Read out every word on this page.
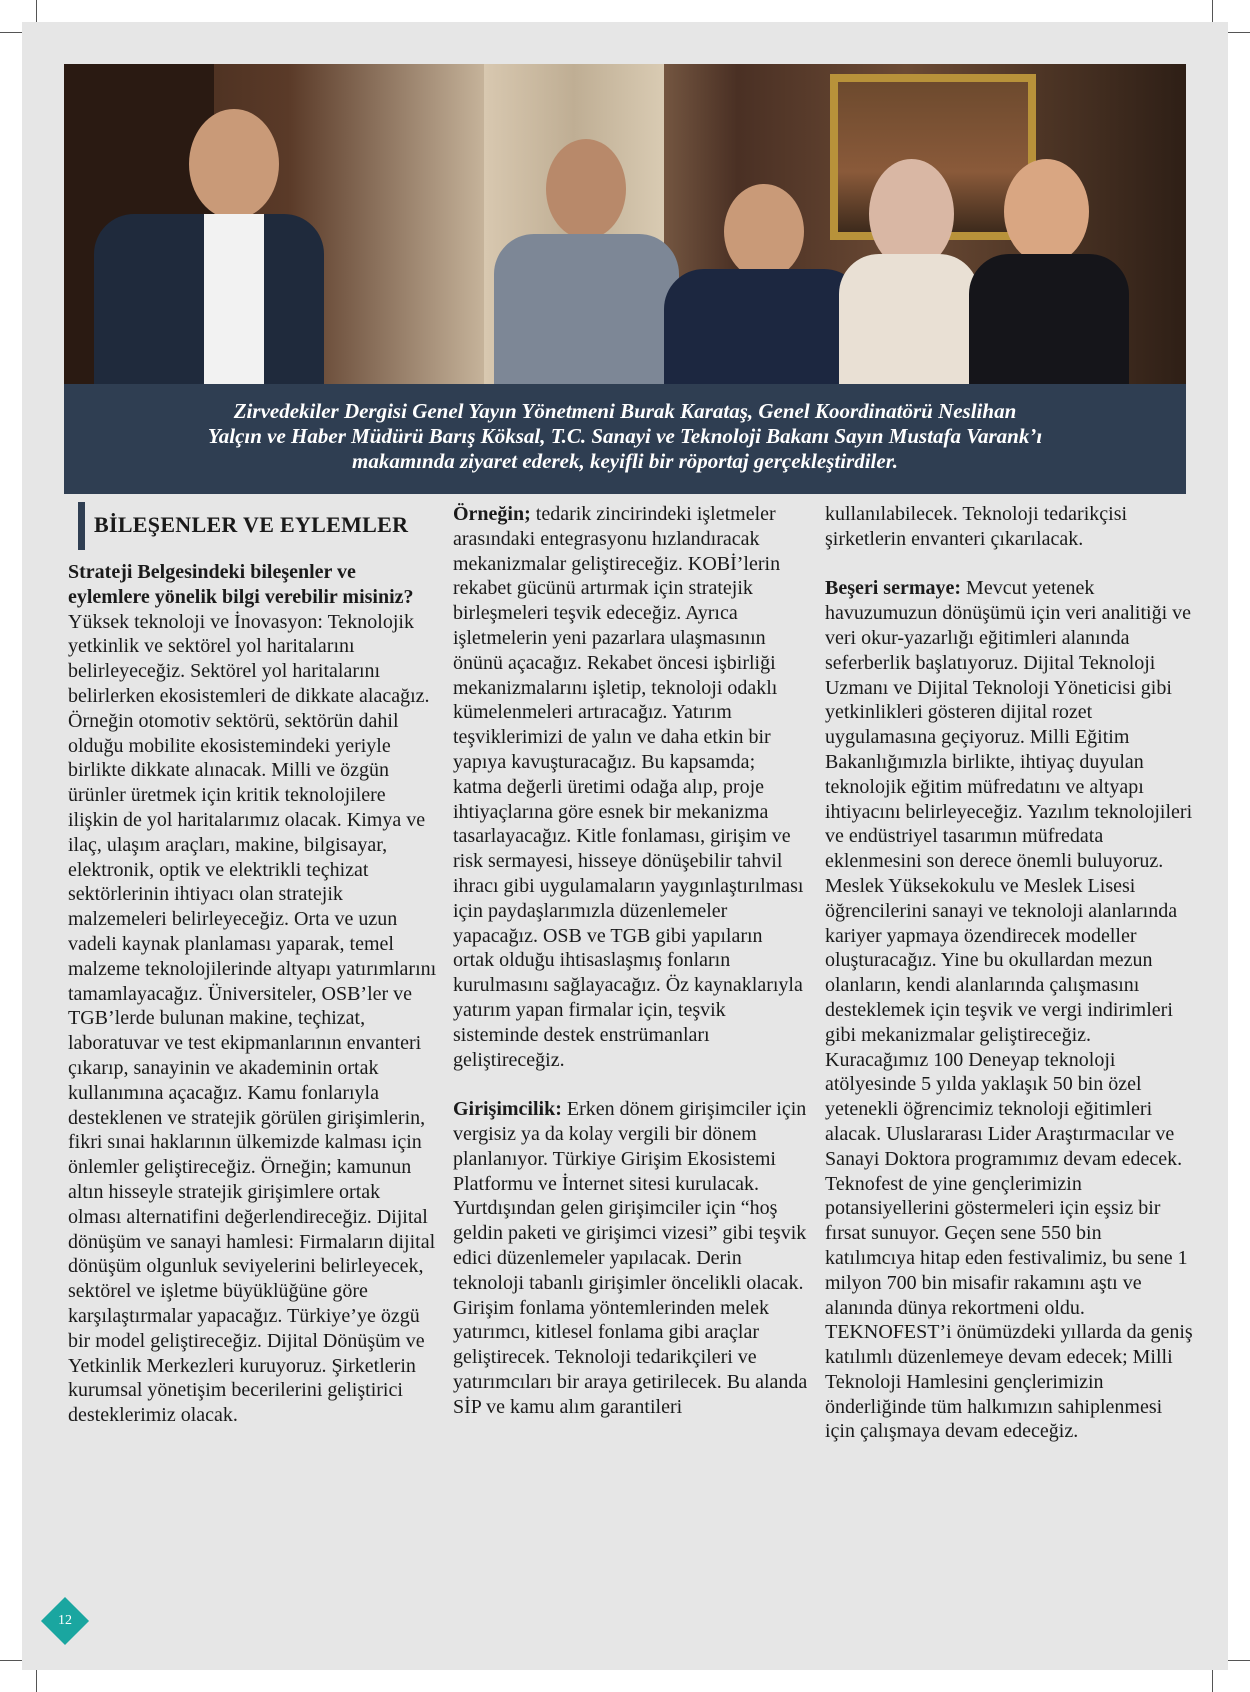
Zirvedekiler Dergisi Genel Yayın Yönetmeni Burak Karataş, Genel Koordinatörü Neslihan
Yalçın ve Haber Müdürü Barış Köksal, T.C. Sanayi ve Teknoloji Bakanı Sayın Mustafa Varank’ı
makamında ziyaret ederek, keyifli bir röportaj gerçekleştirdiler.
BİLEŞENLER VE EYLEMLER

Strateji Belgesindeki bileşenler ve eylemlere yönelik bilgi verebilir misiniz?

Yüksek teknoloji ve İnovasyon: Teknolojik yetkinlik ve sektörel yol haritalarını belirleyeceğiz. Sektörel yol haritalarını belirlerken ekosistemleri de dikkate alacağız. Örneğin otomotiv sektörü, sektörün dahil olduğu mobilite ekosistemindeki yeriyle birlikte dikkate alınacak. Milli ve özgün ürünler üretmek için kritik teknolojilere ilişkin de yol haritalarımız olacak. Kimya ve ilaç, ulaşım araçları, makine, bilgisayar, elektronik, optik ve elektrikli teçhizat sektörlerinin ihtiyacı olan stratejik malzemeleri belirleyeceğiz. Orta ve uzun vadeli kaynak planlaması yaparak, temel malzeme teknolojilerinde altyapı yatırımlarını tamamlayacağız. Üniversiteler, OSB’ler ve TGB’lerde bulunan makine, teçhizat, laboratuvar ve test ekipmanlarının envanteri çıkarıp, sanayinin ve akademinin ortak kullanımına açacağız. Kamu fonlarıyla desteklenen ve stratejik görülen girişimlerin, fikri sınai haklarının ülkemizde kalması için önlemler geliştireceğiz. Örneğin; kamunun altın hisseyle stratejik girişimlere ortak olması alternatifini değerlendireceğiz. Dijital dönüşüm ve sanayi hamlesi: Firmaların dijital dönüşüm olgunluk seviyelerini belirleyecek, sektörel ve işletme büyüklüğüne göre karşılaştırmalar yapacağız. Türkiye’ye özgü bir model geliştireceğiz. Dijital Dönüşüm ve Yetkinlik Merkezleri kuruyoruz. Şirketlerin kurumsal yönetişim becerilerini geliştirici desteklerimiz olacak.

Örneğin; tedarik zincirindeki işletmeler arasındaki entegrasyonu hızlandıracak mekanizmalar geliştireceğiz. KOBİ’lerin rekabet gücünü artırmak için stratejik birleşmeleri teşvik edeceğiz. Ayrıca işletmelerin yeni pazarlara ulaşmasının önünü açacağız. Rekabet öncesi işbirliği mekanizmalarını işletip, teknoloji odaklı kümelenmeleri artıracağız. Yatırım teşviklerimizi de yalın ve daha etkin bir yapıya kavuşturacağız. Bu kapsamda; katma değerli üretimi odağa alıp, proje ihtiyaçlarına göre esnek bir mekanizma tasarlayacağız. Kitle fonlaması, girişim ve risk sermayesi, hisseye dönüşebilir tahvil ihracı gibi uygulamaların yaygınlaştırılması için paydaşlarımızla düzenlemeler yapacağız. OSB ve TGB gibi yapıların ortak olduğu ihtisaslaşmış fonların kurulmasını sağlayacağız. Öz kaynaklarıyla yatırım yapan firmalar için, teşvik sisteminde destek enstrümanları geliştireceğiz.

Girişimcilik: Erken dönem girişimciler için vergisiz ya da kolay vergili bir dönem planlanıyor. Türkiye Girişim Ekosistemi Platformu ve İnternet sitesi kurulacak. Yurtdışından gelen girişimciler için “hoş geldin paketi ve girişimci vizesi” gibi teşvik edici düzenlemeler yapılacak. Derin teknoloji tabanlı girişimler öncelikli olacak. Girişim fonlama yöntemlerinden melek yatırımcı, kitlesel fonlama gibi araçlar geliştirecek. Teknoloji tedarikçileri ve yatırımcıları bir araya getirilecek. Bu alanda SİP ve kamu alım garantileri

kullanılabilecek. Teknoloji tedarikçisi şirketlerin envanteri çıkarılacak.

Beşeri sermaye: Mevcut yetenek havuzumuzun dönüşümü için veri analitiği ve veri okur-yazarlığı eğitimleri alanında seferberlik başlatıyoruz. Dijital Teknoloji Uzmanı ve Dijital Teknoloji Yöneticisi gibi yetkinlikleri gösteren dijital rozet uygulamasına geçiyoruz. Milli Eğitim Bakanlığımızla birlikte, ihtiyaç duyulan teknolojik eğitim müfredatını ve altyapı ihtiyacını belirleyeceğiz. Yazılım teknolojileri ve endüstriyel tasarımın müfredata eklenmesini son derece önemli buluyoruz. Meslek Yüksekokulu ve Meslek Lisesi öğrencilerini sanayi ve teknoloji alanlarında kariyer yapmaya özendirecek modeller oluşturacağız. Yine bu okullardan mezun olanların, kendi alanlarında çalışmasını desteklemek için teşvik ve vergi indirimleri gibi mekanizmalar geliştireceğiz. Kuracağımız 100 Deneyap teknoloji atölyesinde 5 yılda yaklaşık 50 bin özel yetenekli öğrencimiz teknoloji eğitimleri alacak. Uluslararası Lider Araştırmacılar ve Sanayi Doktora programımız devam edecek. Teknofest de yine gençlerimizin potansiyellerini göstermeleri için eşsiz bir fırsat sunuyor. Geçen sene 550 bin katılımcıya hitap eden festivalimiz, bu sene 1 milyon 700 bin misafir rakamını aştı ve alanında dünya rekortmeni oldu. TEKNOFEST’i önümüzdeki yıllarda da geniş katılımlı düzenlemeye devam edecek; Milli Teknoloji Hamlesini gençlerimizin önderliğinde tüm halkımızın sahiplenmesi için çalışmaya devam edeceğiz.

12
